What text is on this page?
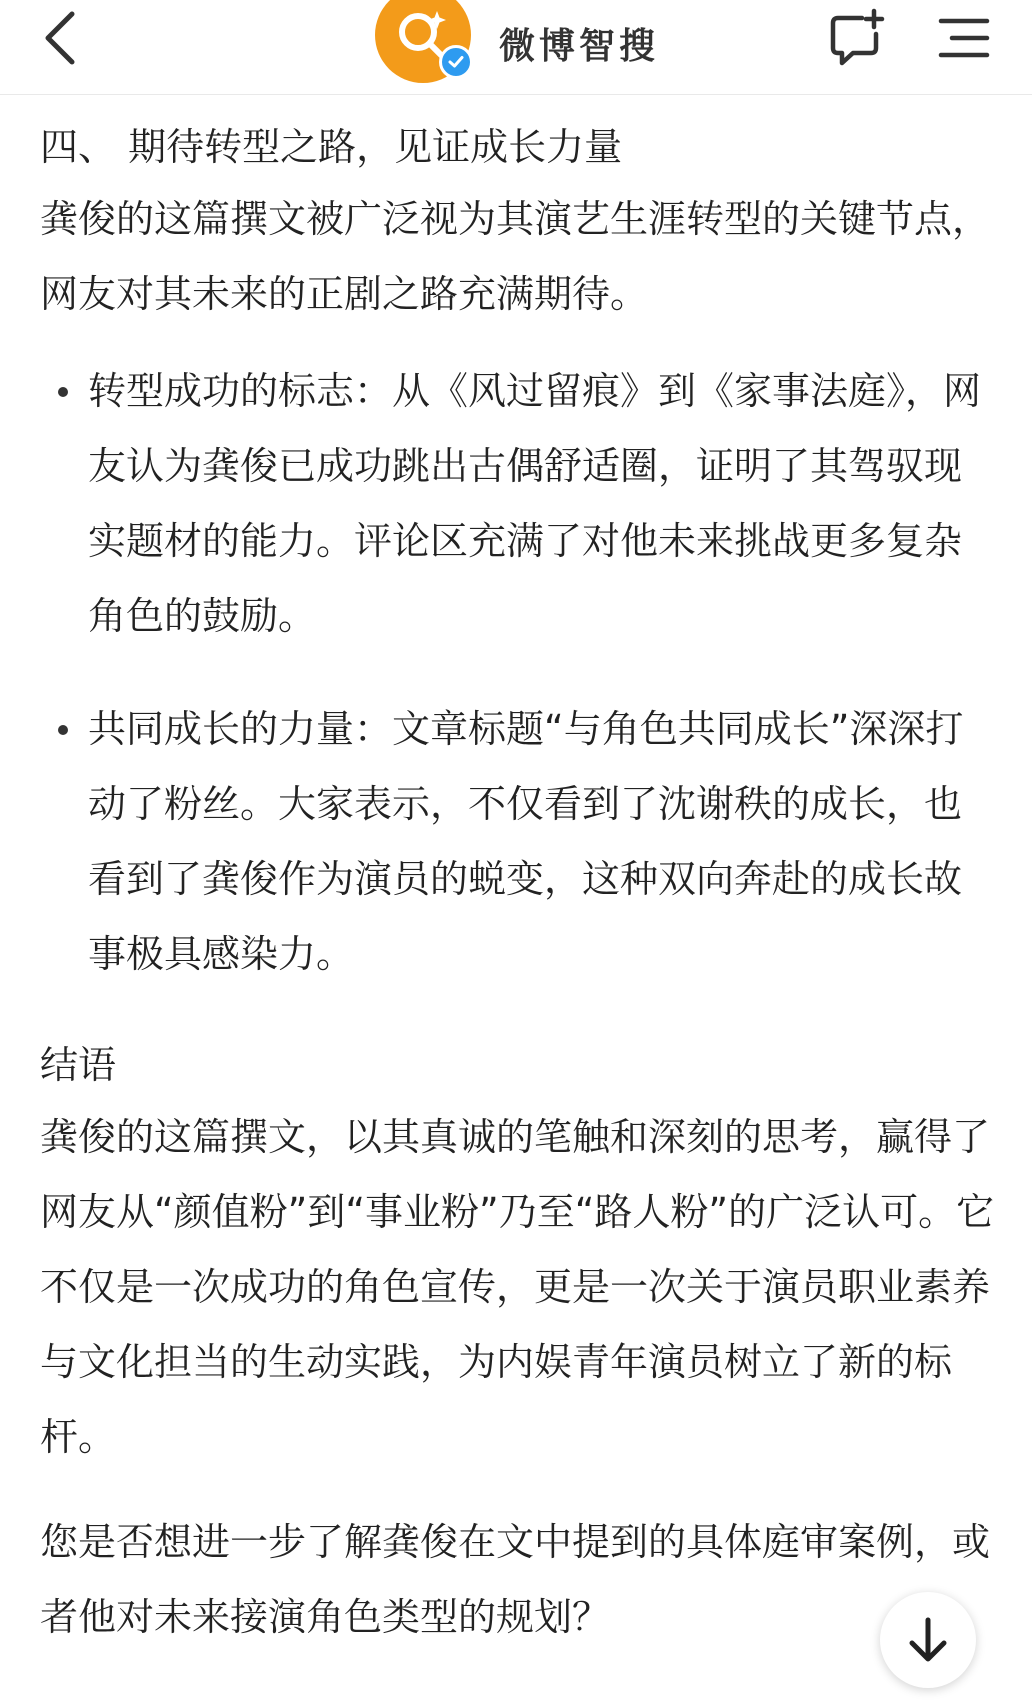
微博智搜
四、 期待转型之路，见证成长力量

龚俊的这篇撰文被广泛视为其演艺生涯转型的关键节点，网友对其未来的正剧之路充满期待。

转型成功的标志：从《风过留痕》到《家事法庭》，网友认为龚俊已成功跳出古偶舒适圈，证明了其驾驭现实题材的能力。评论区充满了对他未来挑战更多复杂角色的鼓励。
共同成长的力量：文章标题“与角色共同成长”深深打动了粉丝。大家表示，不仅看到了沈谢秩的成长，也看到了龚俊作为演员的蜕变，这种双向奔赴的成长故事极具感染力。
结语

龚俊的这篇撰文，以其真诚的笔触和深刻的思考，赢得了网友从“颜值粉”到“事业粉”乃至“路人粉”的广泛认可。它不仅是一次成功的角色宣传，更是一次关于演员职业素养与文化担当的生动实践，为内娱青年演员树立了新的标杆。

您是否想进一步了解龚俊在文中提到的具体庭审案例，或者他对未来接演角色类型的规划？
